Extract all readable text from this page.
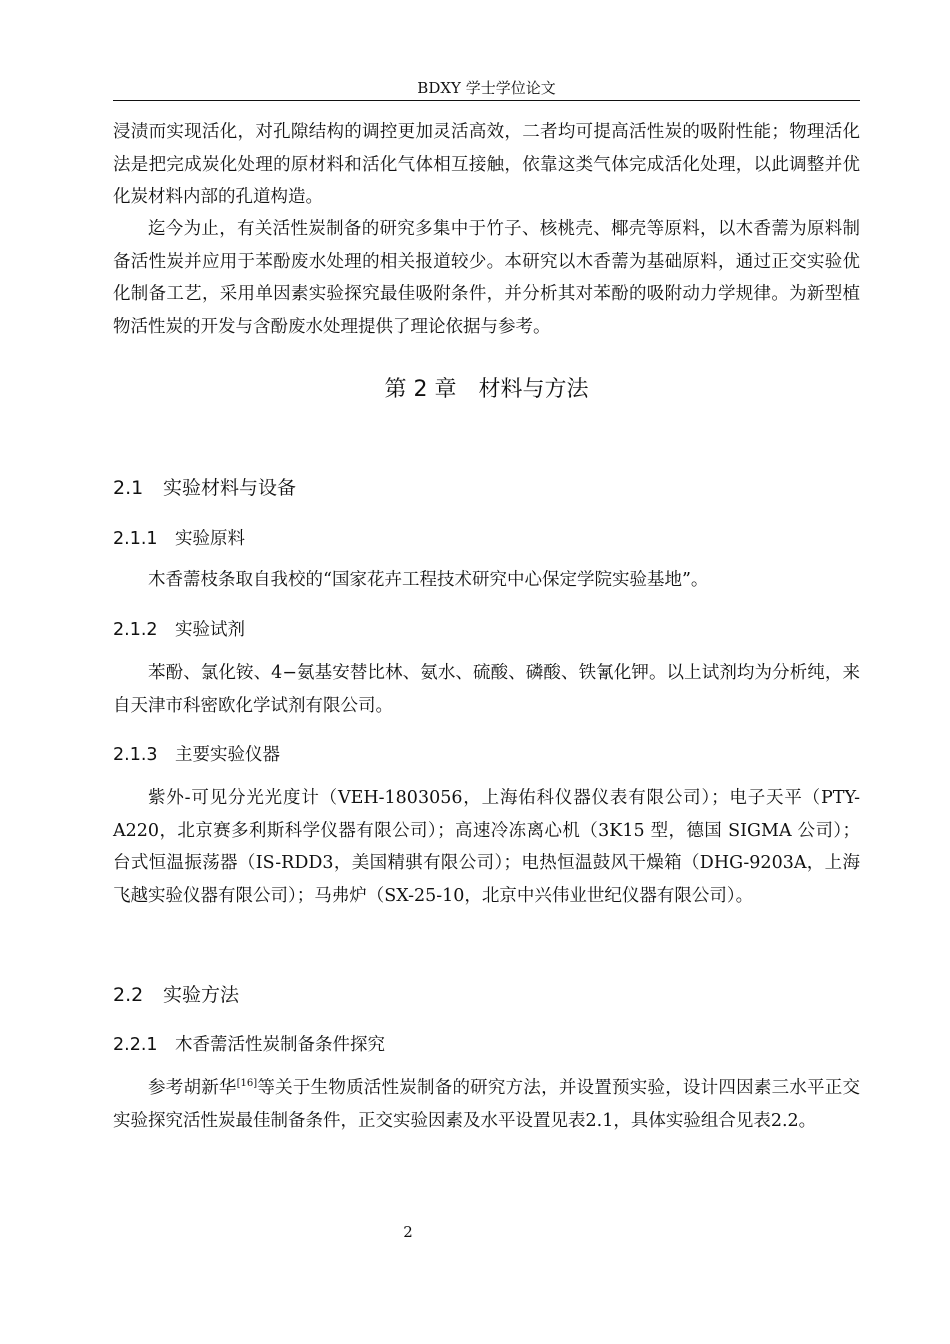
BDXY 学士学位论文

浸渍而实现活化，对孔隙结构的调控更加灵活高效，二者均可提高活性炭的吸附性能；物理活化法是把完成炭化处理的原材料和活化气体相互接触，依靠这类气体完成活化处理，以此调整并优化炭材料内部的孔道构造。

迄今为止，有关活性炭制备的研究多集中于竹子、核桃壳、椰壳等原料，以木香薷为原料制备活性炭并应用于苯酚废水处理的相关报道较少。本研究以木香薷为基础原料，通过正交实验优化制备工艺，采用单因素实验探究最佳吸附条件，并分析其对苯酚的吸附动力学规律。为新型植物活性炭的开发与含酚废水处理提供了理论依据与参考。

第 2 章 材料与方法
2.1 实验材料与设备
2.1.1 实验原料

木香薷枝条取自我校的“国家花卉工程技术研究中心保定学院实验基地”。

2.1.2 实验试剂

苯酚、氯化铵、4−氨基安替比林、氨水、硫酸、磷酸、铁氰化钾。以上试剂均为分析纯，来自天津市科密欧化学试剂有限公司。

2.1.3 主要实验仪器

紫外-可见分光光度计（VEH-1803056，上海佑科仪器仪表有限公司）；电子天平（PTY-A220，北京赛多利斯科学仪器有限公司）；高速冷冻离心机（3K15 型，德国 SIGMA 公司）；台式恒温振荡器（IS-RDD3，美国精骐有限公司）；电热恒温鼓风干燥箱（DHG-9203A，上海飞越实验仪器有限公司）；马弗炉（SX-25-10，北京中兴伟业世纪仪器有限公司）。

2.2 实验方法
2.2.1 木香薷活性炭制备条件探究

参考胡新华[16]等关于生物质活性炭制备的研究方法，并设置预实验，设计四因素三水平正交实验探究活性炭最佳制备条件，正交实验因素及水平设置见表2.1，具体实验组合见表2.2。

2
